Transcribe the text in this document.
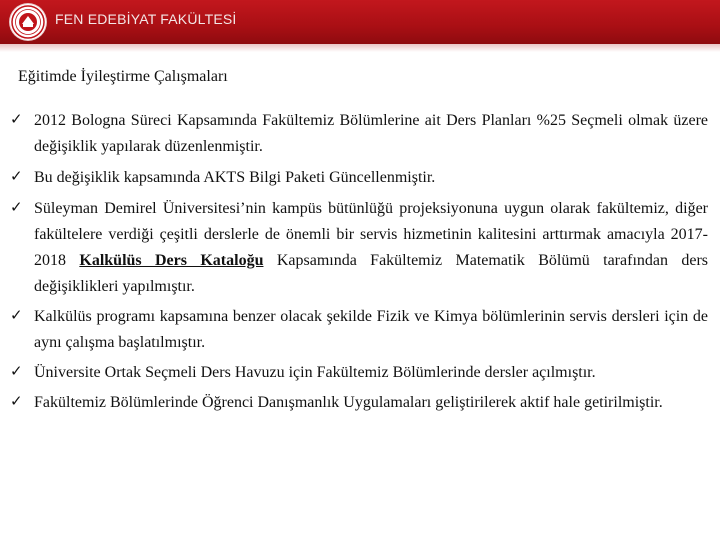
FEN EDEBİYAT FAKÜLTESİ
Eğitimde İyileştirme Çalışmaları
✓ 2012 Bologna Süreci Kapsamında Fakültemiz Bölümlerine ait Ders Planları %25 Seçmeli olmak üzere değişiklik yapılarak düzenlenmiştir.
✓ Bu değişiklik kapsamında AKTS Bilgi Paketi Güncellenmiştir.
✓ Süleyman Demirel Üniversitesi’nin kampüs bütünlüğü projeksiyonuna uygun olarak fakültemiz, diğer fakültelere verdiği çeşitli derslerle de önemli bir servis hizmetinin kalitesini arttırmak amacıyla 2017-2018 Kalkülüs Ders Kataloğu Kapsamında Fakültemiz Matematik Bölümü tarafından ders değişiklikleri yapılmıştır.
✓ Kalkülüs programı kapsamına benzer olacak şekilde Fizik ve Kimya bölümlerinin servis dersleri için de aynı çalışma başlatılmıştır.
✓ Üniversite Ortak Seçmeli Ders Havuzu için Fakültemiz Bölümlerinde dersler açılmıştır.
✓ Fakültemiz Bölümlerinde Öğrenci Danışmanlık Uygulamaları geliştirilerek aktif hale getirilmiştir.
